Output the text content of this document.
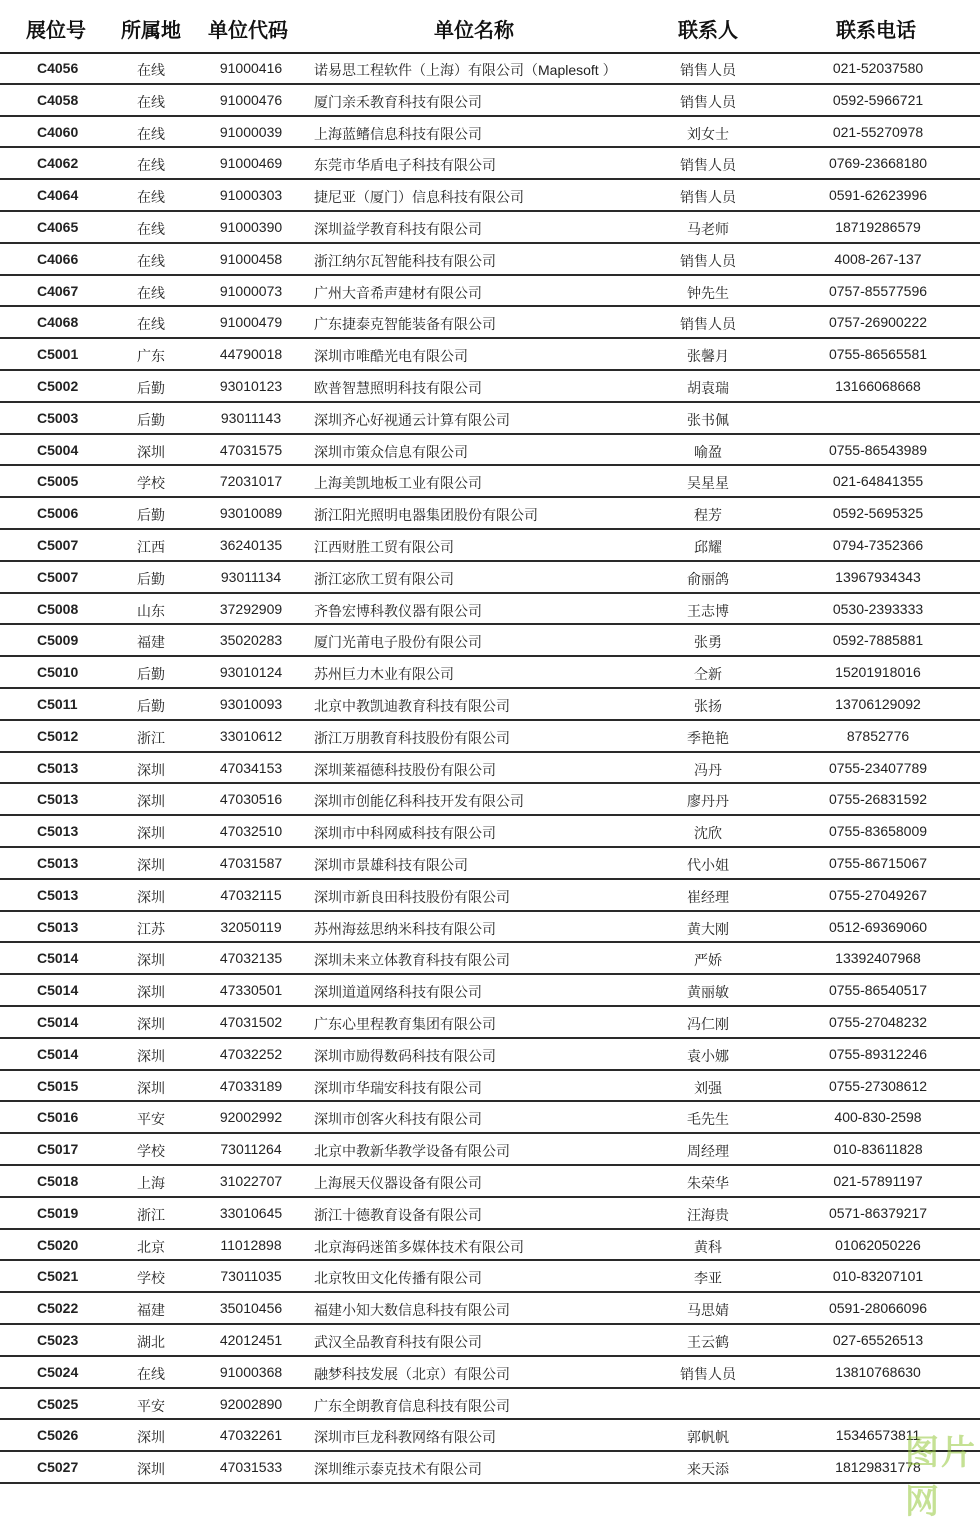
展位号 所属地 单位代码	单位名称	联系人	联系电话
C4056	在线	91000416 诺易思工程软件（上海）有限公司（Maplesoft ）	销售人员	021-52037580
C4058	在线	91000476 厦门亲禾教育科技有限公司	销售人员	0592-5966721
C4060	在线	91000039 上海蓝鳍信息科技有限公司	刘女士	021-55270978
C4062	在线	91000469 东莞市华盾电子科技有限公司	销售人员	0769-23668180
C4064	在线	91000303 捷尼亚（厦门）信息科技有限公司	销售人员	0591-62623996
C4065	在线	91000390 深圳益学教育科技有限公司	马老师	18719286579
C4066	在线	91000458 浙江纳尔瓦智能科技有限公司	销售人员	4008-267-137
C4067	在线	91000073 广州大音希声建材有限公司	钟先生	0757-85577596
C4068	在线	91000479 广东捷泰克智能装备有限公司	销售人员	0757-26900222
C5001	广东	44790018 深圳市唯酷光电有限公司	张馨月	0755-86565581
C5002	后勤	93010123 欧普智慧照明科技有限公司	胡袁瑞	13166068668
C5003	后勤	93011143 深圳齐心好视通云计算有限公司	张书佩
C5004	深圳	47031575 深圳市策众信息有限公司	喻盈	0755-86543989
C5005	学校	72031017 上海美凯地板工业有限公司	吴星星	021-64841355
C5006	后勤	93010089 浙江阳光照明电器集团股份有限公司	程芳	0592-5695325
C5007	江西	36240135 江西财胜工贸有限公司	邱耀	0794-7352366
C5007	后勤	93011134 浙江宓欣工贸有限公司	俞丽鸽	13967934343
C5008	山东	37292909 齐鲁宏博科教仪器有限公司	王志博	0530-2393333
C5009	福建	35020283 厦门光莆电子股份有限公司	张勇	0592-7885881
C5010	后勤	93010124 苏州巨力木业有限公司	仝新	15201918016
C5011	后勤	93010093 北京中教凯迪教育科技有限公司	张扬	13706129092
C5012	浙江	33010612 浙江万朋教育科技股份有限公司	季艳艳	87852776
C5013	深圳	47034153 深圳莱福德科技股份有限公司	冯丹	0755-23407789
C5013	深圳	47030516 深圳市创能亿科科技开发有限公司	廖丹丹	0755-26831592
C5013	深圳	47032510 深圳市中科网威科技有限公司	沈欣	0755-83658009
C5013	深圳	47031587 深圳市景雄科技有限公司	代小姐	0755-86715067
C5013	深圳	47032115 深圳市新良田科技股份有限公司	崔经理	0755-27049267
C5013	江苏	32050119 苏州海兹思纳米科技有限公司	黄大刚	0512-69369060
C5014	深圳	47032135 深圳未来立体教育科技有限公司	严娇	13392407968
C5014	深圳	47330501 深圳道道网络科技有限公司	黄丽敏	0755-86540517
C5014	深圳	47031502 广东心里程教育集团有限公司	冯仁刚	0755-27048232
C5014	深圳	47032252 深圳市励得数码科技有限公司	袁小娜	0755-89312246
C5015	深圳	47033189 深圳市华瑞安科技有限公司	刘强	0755-27308612
C5016	平安	92002992 深圳市创客火科技有限公司	毛先生	400-830-2598
C5017	学校	73011264 北京中教新华教学设备有限公司	周经理	010-83611828
C5018	上海	31022707 上海展天仪器设备有限公司	朱荣华	021-57891197
C5019	浙江	33010645 浙江十德教育设备有限公司	汪海贵	0571-86379217
C5020	北京	11012898 北京海码迷笛多媒体技术有限公司	黄科	01062050226
C5021	学校	73011035 北京牧田文化传播有限公司	李亚	010-83207101
C5022	福建	35010456 福建小知大数信息科技有限公司	马思婧	0591-28066096
C5023	湖北	42012451 武汉全品教育科技有限公司	王云鹤	027-65526513
C5024	在线	91000368 融梦科技发展（北京）有限公司	销售人员	13810768630
C5025	平安	92002890 广东全朗教育信息科技有限公司
C5026	深圳	47032261 深圳市巨龙科教网络有限公司	郭帆帆	15346573811
C5027	深圳	47031533 深圳维示泰克技术有限公司	来天添	18129831778
图片网
